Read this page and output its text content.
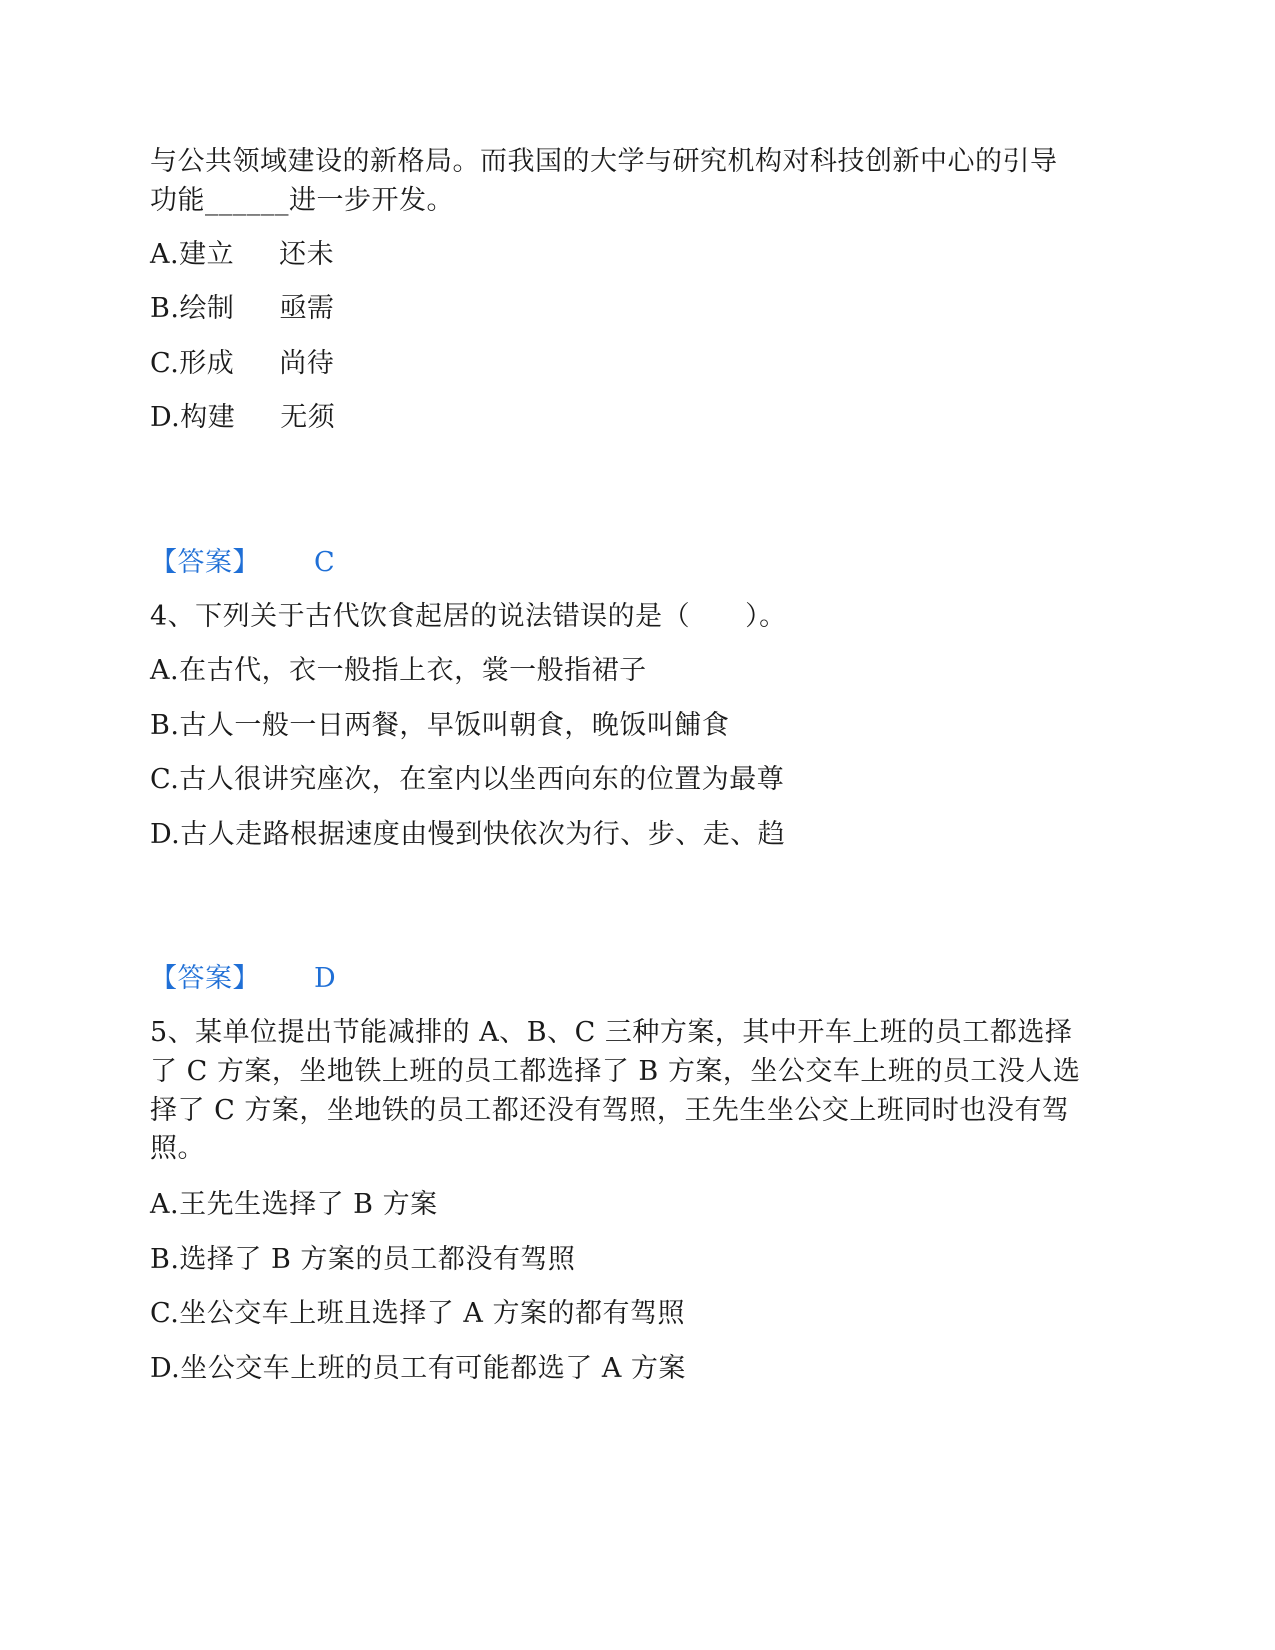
与公共领域建设的新格局。而我国的大学与研究机构对科技创新中心的引导
功能______进一步开发。
A.建立 还未
B.绘制 亟需
C.形成 尚待
D.构建 无须
【答案】 C
4、下列关于古代饮食起居的说法错误的是（　　）。
A.在古代，衣一般指上衣，裳一般指裙子
B.古人一般一日两餐，早饭叫朝食，晚饭叫餔食
C.古人很讲究座次，在室内以坐西向东的位置为最尊
D.古人走路根据速度由慢到快依次为行、步、走、趋
【答案】 D
5、某单位提出节能减排的 A、B、C 三种方案，其中开车上班的员工都选择
了 C 方案，坐地铁上班的员工都选择了 B 方案，坐公交车上班的员工没人选
择了 C 方案，坐地铁的员工都还没有驾照，王先生坐公交上班同时也没有驾
照。
A.王先生选择了 B 方案
B.选择了 B 方案的员工都没有驾照
C.坐公交车上班且选择了 A 方案的都有驾照
D.坐公交车上班的员工有可能都选了 A 方案
